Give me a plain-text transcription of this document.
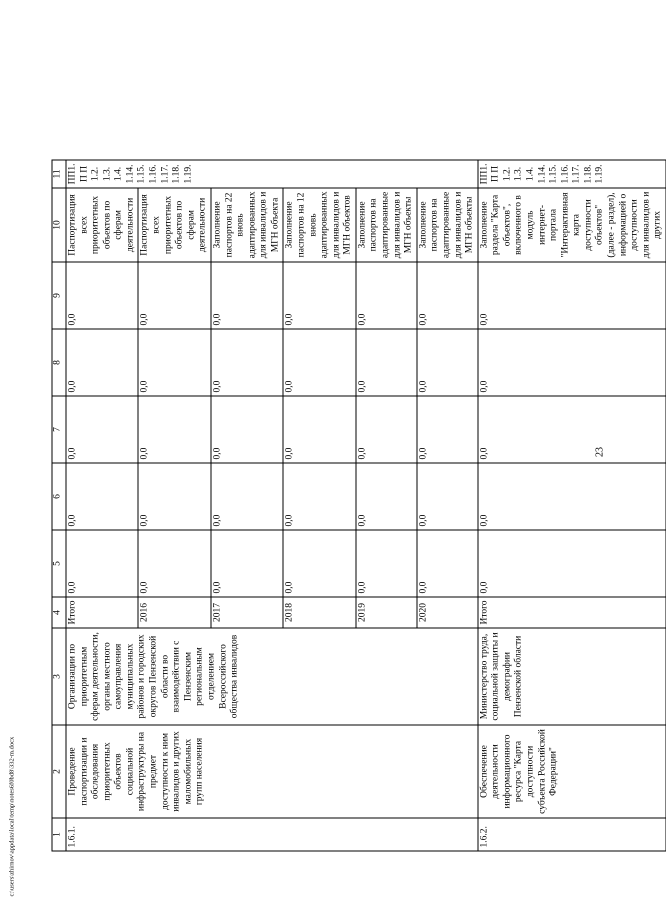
23
c:\users\zhirnov\appdata\local\temp\notes6f0bd8\332-m.docx	1	2	3	4	5	6	7	8	9	10	11
1.6.1.	Проведение паспортизации и обследования приоритетных объектов социальной инфраструктуры на предмет доступности к ним инвалидов и других маломобильных групп населения	Организации по приоритетным сферам деятельности, органы местного самоуправления муниципальных районов и городских округов Пензенской области во взаимодействии с Пензенским региональным отделением Всероссийского общества инвалидов	Итого	0,0	0,0	0,0	0,0	0,0	Паспортизация всех приоритетных объектов по сферам деятельности	ПП1. П П 1.2. 1.3. 1.4. 1.14. 1.15. 1.16. 1.17. 1.18. 1.19.
			2016	0,0	0,0	0,0	0,0	0,0	Паспортизация всех приоритетных объектов по сферам деятельности	
			2017	0,0	0,0	0,0	0,0	0,0	Заполнение паспортов на 22 вновь адаптированных для инвалидов и МГН объекта	
			2018	0,0	0,0	0,0	0,0	0,0	Заполнение паспортов на 12 вновь адаптированных для инвалидов и МГН объектов	
			2019	0,0	0,0	0,0	0,0	0,0	Заполнение паспортов на адаптированные для инвалидов и МГН объекты	
			2020	0,0	0,0	0,0	0,0	0,0	Заполнение паспортов на адаптированные для инвалидов и МГН объекты	
1.6.2.	Обеспечение деятельности информационного ресурса "Карта доступности субъекта Российской Федерации"	Министерство труда, социальной защиты и демографии Пензенской области	Итого	0,0	0,0	0,0	0,0	0,0	Заполнение раздела "Карта объектов", включенного в модуль интернет-портала "Интерактивная карта доступности объектов" (далее - раздел), информацией о доступности для инвалидов и других	ПП1. П П 1.2. 1.3. 1.4. 1.14. 1.15. 1.16. 1.17. 1.18. 1.19.
